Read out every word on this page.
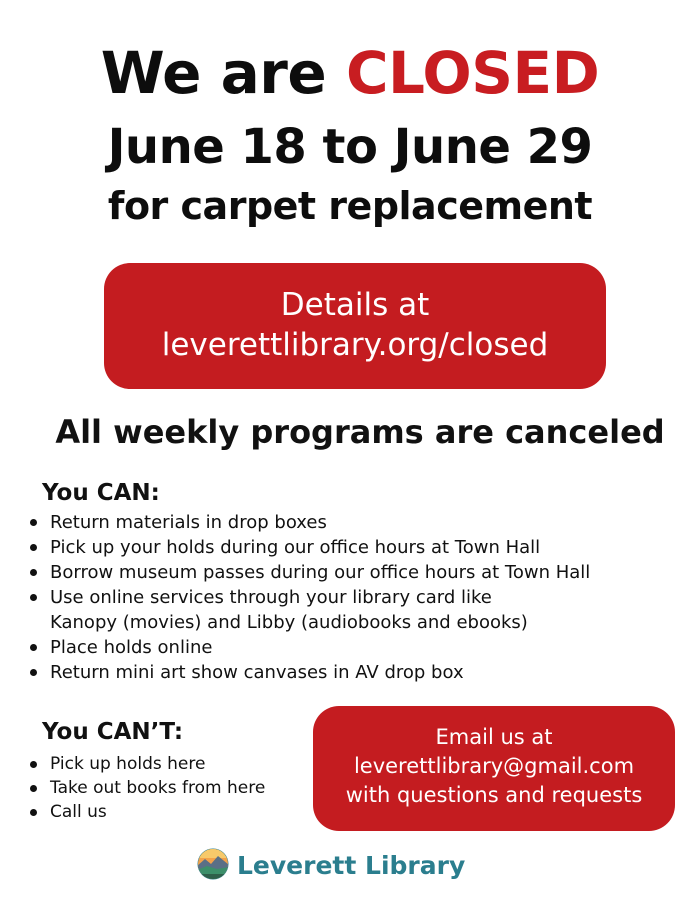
We are CLOSED
June 18 to June 29
for carpet replacement
Details at
leverettlibrary.org/closed
All weekly programs are canceled
You CAN:
Return materials in drop boxes
Pick up your holds during our office hours at Town Hall
Borrow museum passes during our office hours at Town Hall
Use online services through your library card like
Kanopy (movies) and Libby (audiobooks and ebooks)
Place holds online
Return mini art show canvases in AV drop box
You CAN’T:
Pick up holds here
Take out books from here
Call us
Email us at
leverettlibrary@gmail.com
with questions and requests
Leverett Library
